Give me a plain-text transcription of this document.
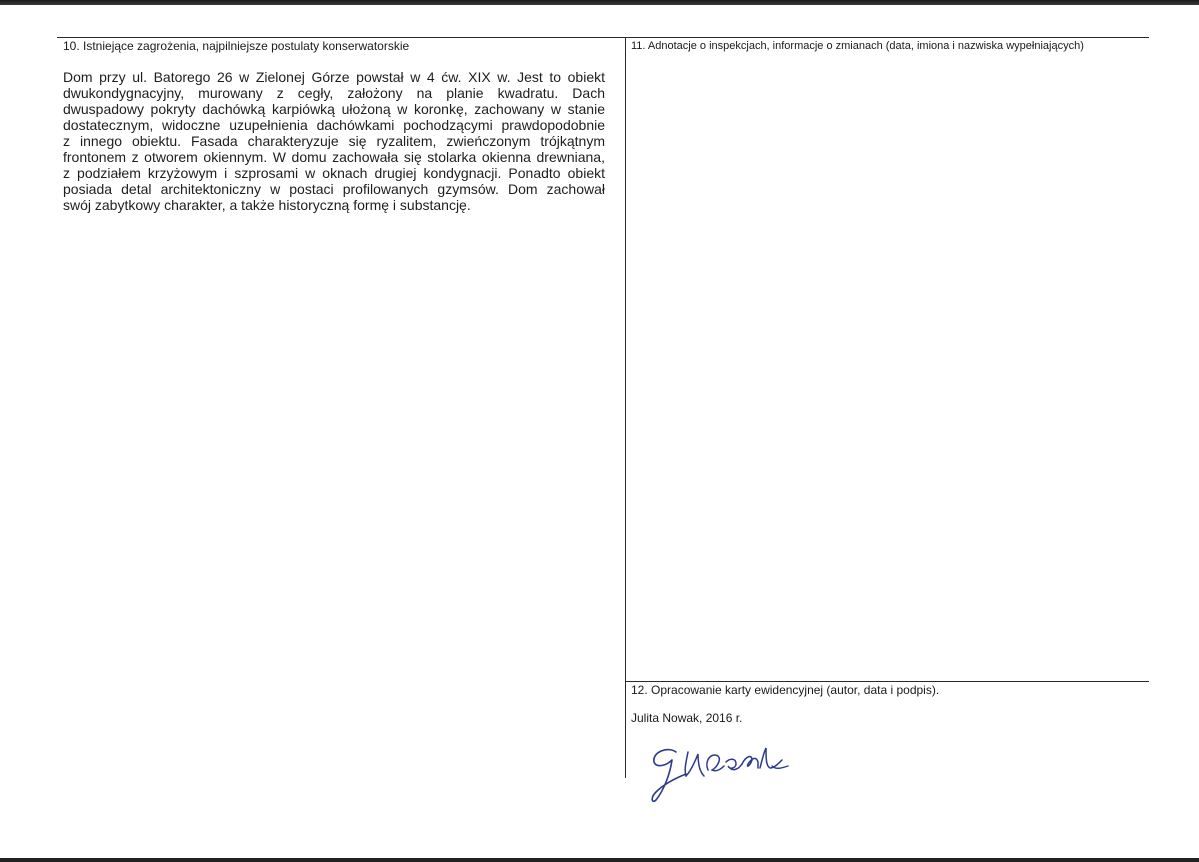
10. Istniejące zagrożenia, najpilniejsze postulaty konserwatorskie	11. Adnotacje o inspekcjach, informacje o zmianach (data, imiona i nazwiska wypełniających)
Dom przy ul. Batorego 26 w Zielonej Górze powstał w 4 ćw. XIX w. Jest to obiekt
dwukondygnacyjny, murowany z cegły, założony na planie kwadratu. Dach
dwuspadowy pokryty dachówką karpiówką ułożoną w koronkę, zachowany w stanie
dostatecznym, widoczne uzupełnienia dachówkami pochodzącymi prawdopodobnie
z innego obiektu. Fasada charakteryzuje się ryzalitem, zwieńczonym trójkątnym
frontonem z otworem okiennym. W domu zachowała się stolarka okienna drewniana,
z podziałem krzyżowym i szprosami w oknach drugiej kondygnacji. Ponadto obiekt
posiada detal architektoniczny w postaci profilowanych gzymsów. Dom zachował
swój zabytkowy charakter, a także historyczną formę i substancję.
12. Opracowanie karty ewidencyjnej (autor, data i podpis).
Julita Nowak, 2016 r.
